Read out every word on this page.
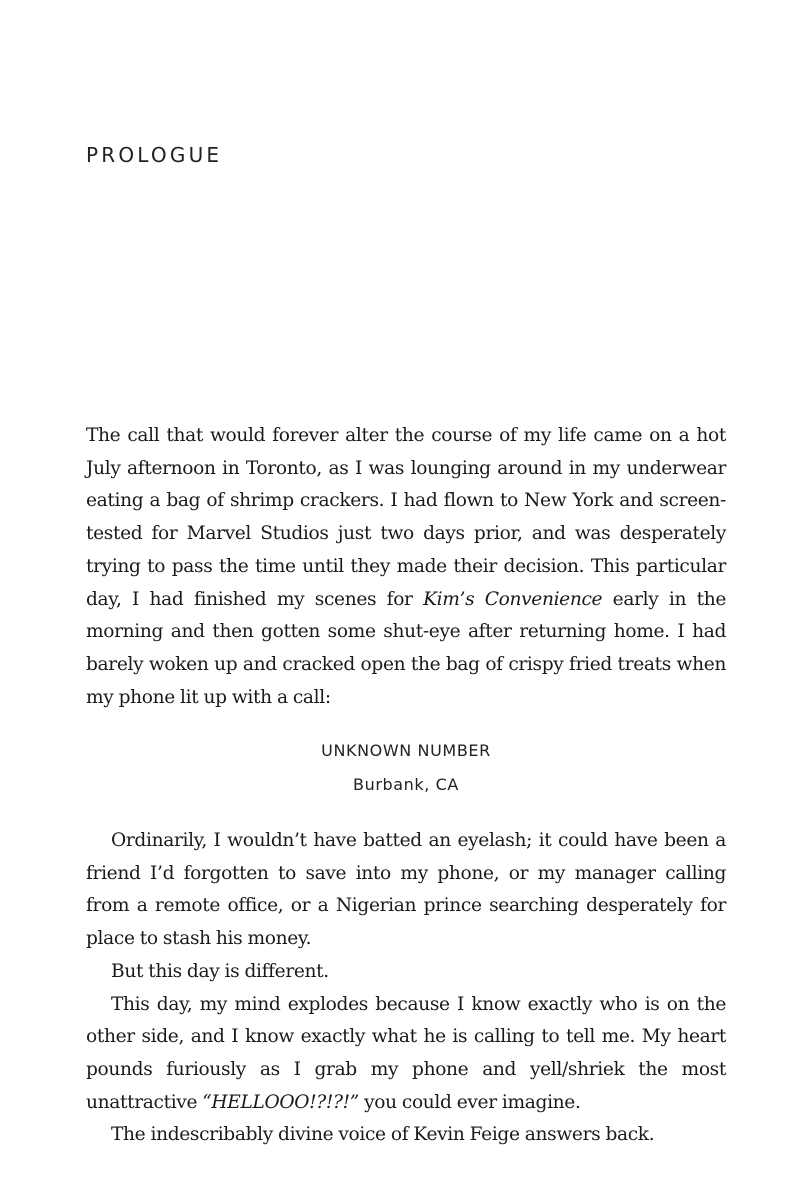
PROLOGUE

The call that would forever alter the course of my life came on a hot July afternoon in Toronto, as I was lounging around in my underwear eating a bag of shrimp crackers. I had flown to New York and screen-tested for Marvel Studios just two days prior, and was desperately trying to pass the time until they made their decision. This particular day, I had finished my scenes for Kim’s Convenience early in the morning and then gotten some shut-eye after returning home. I had barely woken up and cracked open the bag of crispy fried treats when my phone lit up with a call:

UNKNOWN NUMBER
Burbank, CA

Ordinarily, I wouldn’t have batted an eyelash; it could have been a friend I’d forgotten to save into my phone, or my manager calling from a remote office, or a Nigerian prince searching desperately for place to stash his money.

But this day is different.

This day, my mind explodes because I know exactly who is on the other side, and I know exactly what he is calling to tell me. My heart pounds furiously as I grab my phone and yell/shriek the most unattractive “HELLOOO!?!?!” you could ever imagine.

The indescribably divine voice of Kevin Feige answers back.
